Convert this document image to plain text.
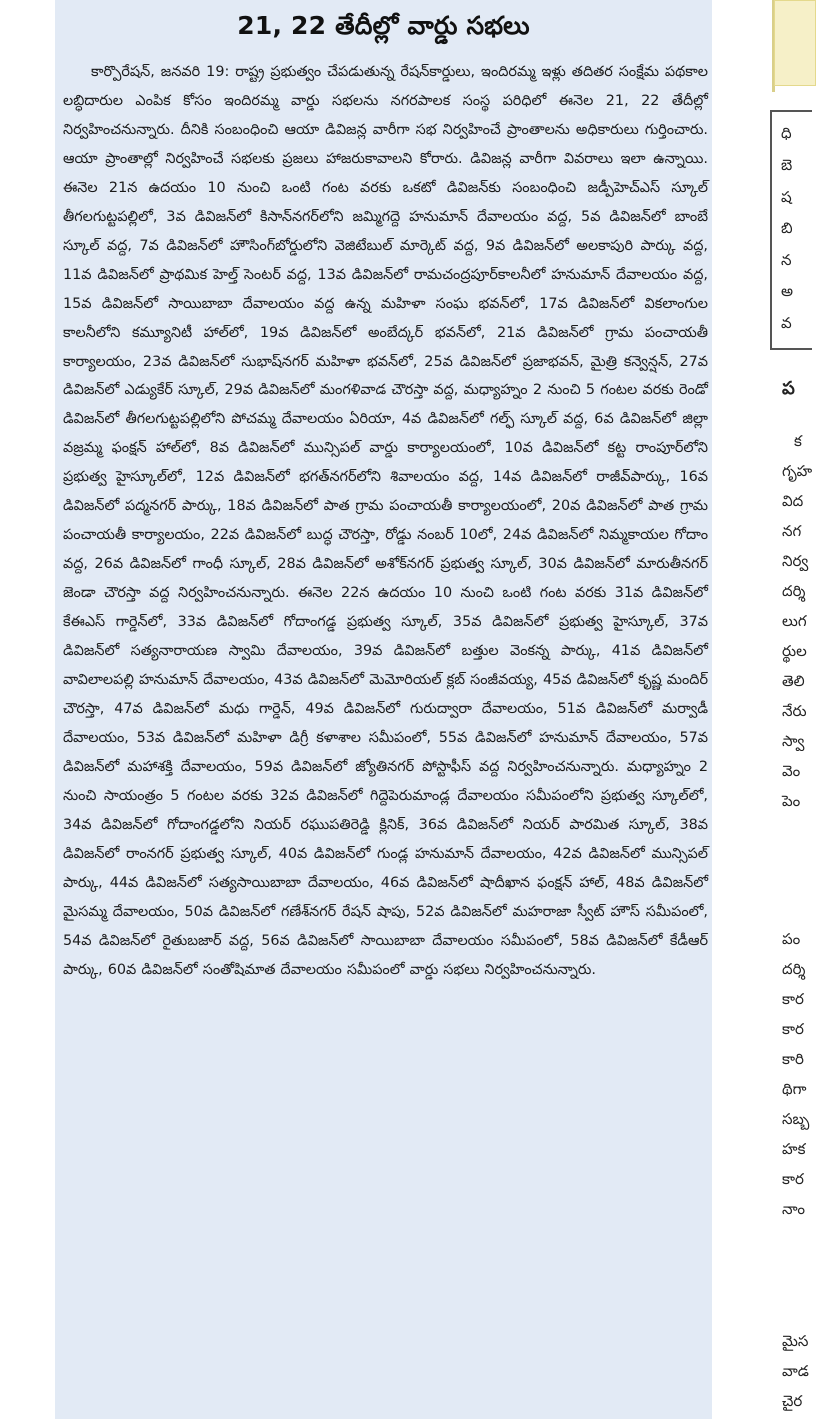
21, 22 తేదీల్లో వార్డు సభలు
కార్పొరేషన్, జనవరి 19: రాష్ట్ర ప్రభుత్వం చేపడుతున్న రేషన్‌కార్డులు, ఇందిరమ్మ ఇళ్లు తదితర సంక్షేమ పథకాల లబ్ధిదారుల ఎంపిక కోసం ఇందిరమ్మ వార్డు సభలను నగరపాలక సంస్థ పరిధిలో ఈనెల 21, 22 తేదీల్లో నిర్వహించనున్నారు. దీనికి సంబంధించి ఆయా డివిజన్ల వారీగా సభ నిర్వహించే ప్రాంతాలను అధికారులు గుర్తించారు. ఆయా ప్రాంతాల్లో నిర్వహించే సభలకు ప్రజలు హాజరుకావాలని కోరారు. డివిజన్ల వారీగా వివరాలు ఇలా ఉన్నాయి. ఈనెల 21న ఉదయం 10 నుంచి ఒంటి గంట వరకు ఒకటో డివిజన్‌కు సంబంధించి జడ్పీహెచ్‌ఎస్ స్కూల్ తీగలగుట్టపల్లిలో, 3వ డివిజన్‌లో కిసాన్‌నగర్‌లోని జమ్మిగద్దె హనుమాన్ దేవాలయం వద్ద, 5వ డివిజన్‌లో బాంబే స్కూల్ వద్ద, 7వ డివిజన్‌లో హౌసింగ్‌బోర్డులోని వెజిటేబుల్ మార్కెట్ వద్ద, 9వ డివిజన్‌లో అలకాపురి పార్కు వద్ద, 11వ డివిజన్‌లో ప్రాథమిక హెల్త్ సెంటర్ వద్ద, 13వ డివిజన్‌లో రామచంద్రపూర్‌కాలనీలో హనుమాన్ దేవాలయం వద్ద, 15వ డివిజన్‌లో సాయిబాబా దేవాలయం వద్ద ఉన్న మహిళా సంఘ భవన్‌లో, 17వ డివిజన్‌లో వికలాంగుల కాలనీలోని కమ్యూనిటీ హాల్‌లో, 19వ డివిజన్‌లో అంబేద్కర్ భవన్‌లో, 21వ డివిజన్‌లో గ్రామ పంచాయతీ కార్యాలయం, 23వ డివిజన్‌లో సుభాష్‌నగర్ మహిళా భవన్‌లో, 25వ డివిజన్‌లో ప్రజాభవన్, మైత్రి కన్వెన్షన్, 27వ డివిజన్‌లో ఎడ్యుకేర్ స్కూల్, 29వ డివిజన్‌లో మంగళివాడ చౌరస్తా వద్ద, మధ్యాహ్నం 2 నుంచి 5 గంటల వరకు రెండో డివిజన్‌లో తీగలగుట్టపల్లిలోని పోచమ్మ దేవాలయం ఏరియా, 4వ డివిజన్‌లో గల్ఫ్ స్కూల్ వద్ద, 6వ డివిజన్‌లో జిల్లా వజ్రమ్మ ఫంక్షన్ హాల్‌లో, 8వ డివిజన్‌లో మున్సిపల్ వార్డు కార్యాలయంలో, 10వ డివిజన్‌లో కట్ట రాంపూర్‌లోని ప్రభుత్వ హైస్కూల్‌లో, 12వ డివిజన్‌లో భగత్‌నగర్‌లోని శివాలయం వద్ద, 14వ డివిజన్‌లో రాజీవ్‌పార్కు, 16వ డివిజన్‌లో పద్మనగర్ పార్కు, 18వ డివిజన్‌లో పాత గ్రామ పంచాయతీ కార్యాలయంలో, 20వ డివిజన్‌లో పాత గ్రామ పంచాయతీ కార్యాలయం, 22వ డివిజన్‌లో బుద్ధ చౌరస్తా, రోడ్డు నంబర్ 10లో, 24వ డివిజన్‌లో నిమ్మకాయల గోదాం వద్ద, 26వ డివిజన్‌లో గాంధీ స్కూల్, 28వ డివిజన్‌లో అశోక్‌నగర్ ప్రభుత్వ స్కూల్, 30వ డివిజన్‌లో మారుతీనగర్ జెండా చౌరస్తా వద్ద నిర్వహించనున్నారు. ఈనెల 22న ఉదయం 10 నుంచి ఒంటి గంట వరకు 31వ డివిజన్‌లో కేఈఎస్ గార్డెన్‌లో, 33వ డివిజన్‌లో గోదాంగడ్డ ప్రభుత్వ స్కూల్, 35వ డివిజన్‌లో ప్రభుత్వ హైస్కూల్, 37వ డివిజన్‌లో సత్యనారాయణ స్వామి దేవాలయం, 39వ డివిజన్‌లో బత్తుల వెంకన్న పార్కు, 41వ డివిజన్‌లో వావిలాలపల్లి హనుమాన్ దేవాలయం, 43వ డివిజన్‌లో మెమోరియల్ క్లబ్ సంజీవయ్య, 45వ డివిజన్‌లో కృష్ణ మందిర్ చౌరస్తా, 47వ డివిజన్‌లో మధు గార్డెన్, 49వ డివిజన్‌లో గురుద్వారా దేవాలయం, 51వ డివిజన్‌లో మర్వాడీ దేవాలయం, 53వ డివిజన్‌లో మహిళా డిగ్రీ కళాశాల సమీపంలో, 55వ డివిజన్‌లో హనుమాన్ దేవాలయం, 57వ డివిజన్‌లో మహాశక్తి దేవాలయం, 59వ డివిజన్‌లో జ్యోతినగర్ పోస్టాఫీస్ వద్ద నిర్వహించనున్నారు. మధ్యాహ్నం 2 నుంచి సాయంత్రం 5 గంటల వరకు 32వ డివిజన్‌లో గిద్దెపెరుమాండ్ల దేవాలయం సమీపంలోని ప్రభుత్వ స్కూల్‌లో, 34వ డివిజన్‌లో గోదాంగడ్డలోని నియర్ రఘుపతిరెడ్డి క్లినిక్, 36వ డివిజన్‌లో నియర్ పారమిత స్కూల్, 38వ డివిజన్‌లో రాంనగర్ ప్రభుత్వ స్కూల్, 40వ డివిజన్‌లో గుండ్ల హనుమాన్ దేవాలయం, 42వ డివిజన్‌లో మున్సిపల్ పార్కు, 44వ డివిజన్‌లో సత్యసాయిబాబా దేవాలయం, 46వ డివిజన్‌లో షాదీఖాన ఫంక్షన్ హాల్, 48వ డివిజన్‌లో మైసమ్మ దేవాలయం, 50వ డివిజన్‌లో గణేశ్‌నగర్ రేషన్ షాపు, 52వ డివిజన్‌లో మహరాజా స్వీట్ హౌస్ సమీపంలో, 54వ డివిజన్‌లో రైతుబజార్ వద్ద, 56వ డివిజన్‌లో సాయిబాబా దేవాలయం సమీపంలో, 58వ డివిజన్‌లో కేడీఆర్ పార్కు, 60వ డివిజన్‌లో సంతోషిమాత దేవాలయం సమీపంలో వార్డు సభలు నిర్వహించనున్నారు.
ధి
బె
ష
బి
న
అ
వ
ప
క
గృహ
విద
నగ
నిర్వ
దర్శి
లుగ
ర్థుల
తెలి
నేరు
స్వా
వెం
పెం
పం
దర్శి
కార
కార
కారి
థిగా
సబ్బ
హక
కార
నాం
మైస
వాడ
చైర
